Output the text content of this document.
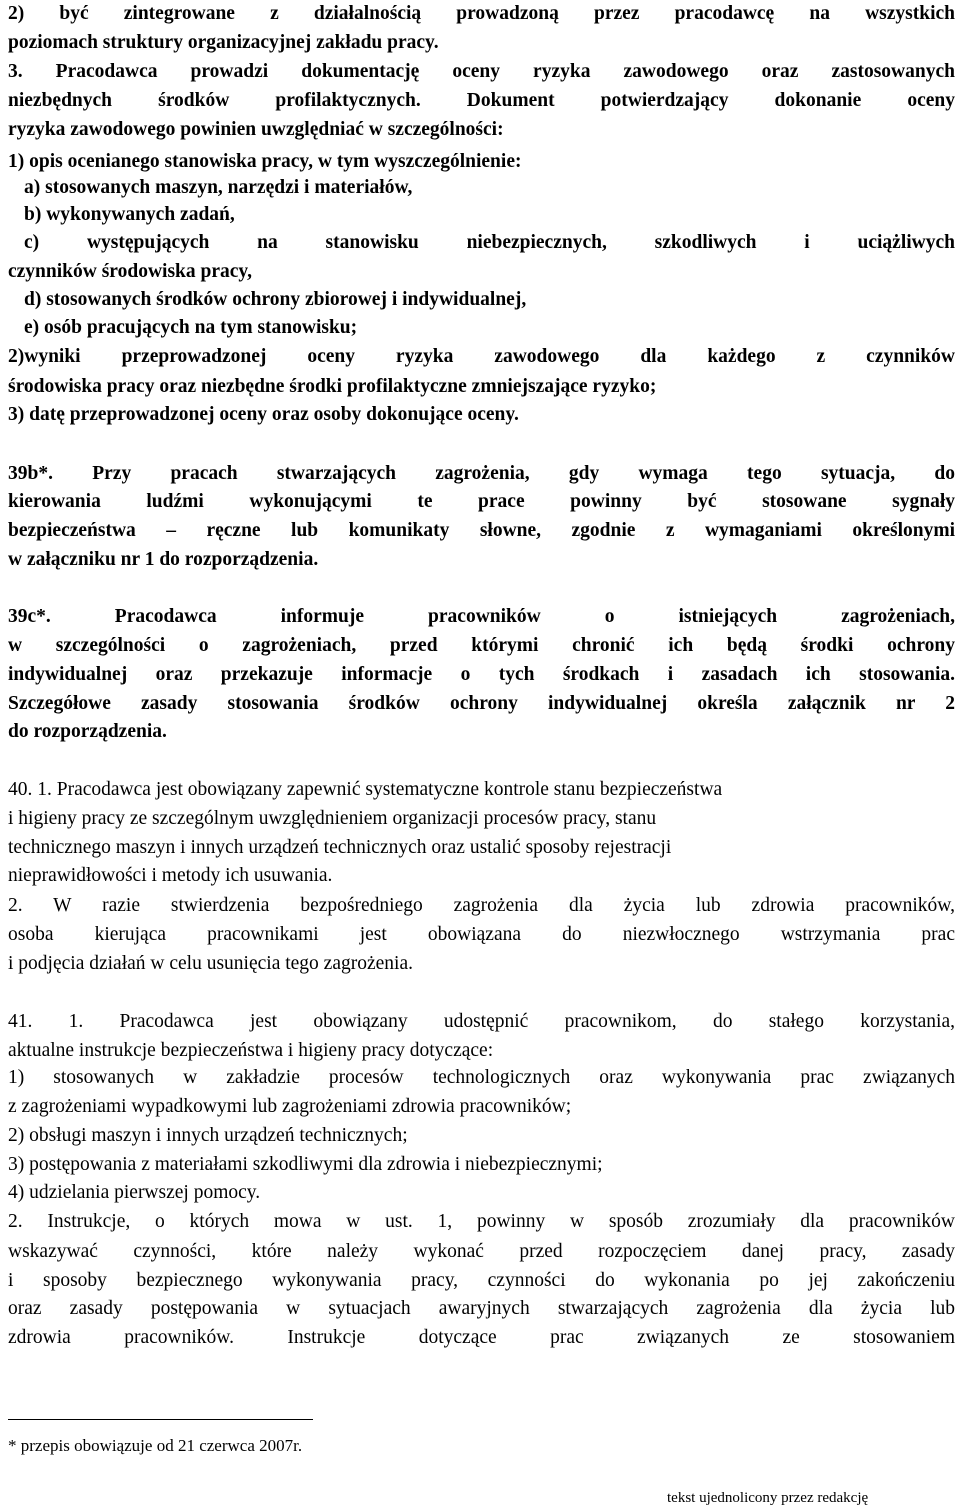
2) być zintegrowane z działalnością prowadzoną przez pracodawcę na wszystkich
poziomach struktury organizacyjnej zakładu pracy.
3. Pracodawca prowadzi dokumentację oceny ryzyka zawodowego oraz zastosowanych
niezbędnych środków profilaktycznych. Dokument potwierdzający dokonanie oceny
ryzyka zawodowego powinien uwzględniać w szczególności:
1) opis ocenianego stanowiska pracy, w tym wyszczególnienie:
a) stosowanych maszyn, narzędzi i materiałów,
b) wykonywanych zadań,
c) występujących na stanowisku niebezpiecznych, szkodliwych i uciążliwych
czynników środowiska pracy,
d) stosowanych środków ochrony zbiorowej i indywidualnej,
e) osób pracujących na tym stanowisku;
2)wyniki przeprowadzonej oceny ryzyka zawodowego dla każdego z czynników
środowiska pracy oraz niezbędne środki profilaktyczne zmniejszające ryzyko;
3) datę przeprowadzonej oceny oraz osoby dokonujące oceny.
39b*. Przy pracach stwarzających zagrożenia, gdy wymaga tego sytuacja, do
kierowania ludźmi wykonującymi te prace powinny być stosowane sygnały
bezpieczeństwa – ręczne lub komunikaty słowne, zgodnie z wymaganiami określonymi
w załączniku nr 1 do rozporządzenia.
39c*. Pracodawca informuje pracowników o istniejących zagrożeniach,
w szczególności o zagrożeniach, przed którymi chronić ich będą środki ochrony
indywidualnej oraz przekazuje informacje o tych środkach i zasadach ich stosowania.
Szczegółowe zasady stosowania środków ochrony indywidualnej określa załącznik nr 2
do rozporządzenia.
40. 1. Pracodawca jest obowiązany zapewnić systematyczne kontrole stanu bezpieczeństwa
i higieny pracy ze szczególnym uwzględnieniem organizacji procesów pracy, stanu
technicznego maszyn i innych urządzeń technicznych oraz ustalić sposoby rejestracji
nieprawidłowości i metody ich usuwania.
2. W razie stwierdzenia bezpośredniego zagrożenia dla życia lub zdrowia pracowników,
osoba kierująca pracownikami jest obowiązana do niezwłocznego wstrzymania prac
i podjęcia działań w celu usunięcia tego zagrożenia.
41. 1. Pracodawca jest obowiązany udostępnić pracownikom, do stałego korzystania,
aktualne instrukcje bezpieczeństwa i higieny pracy dotyczące:
1) stosowanych w zakładzie procesów technologicznych oraz wykonywania prac związanych
z zagrożeniami wypadkowymi lub zagrożeniami zdrowia pracowników;
2) obsługi maszyn i innych urządzeń technicznych;
3) postępowania z materiałami szkodliwymi dla zdrowia i niebezpiecznymi;
4) udzielania pierwszej pomocy.
2. Instrukcje, o których mowa w ust. 1, powinny w sposób zrozumiały dla pracowników
wskazywać czynności, które należy wykonać przed rozpoczęciem danej pracy, zasady
i sposoby bezpiecznego wykonywania pracy, czynności do wykonania po jej zakończeniu
oraz zasady postępowania w sytuacjach awaryjnych stwarzających zagrożenia dla życia lub
zdrowia pracowników. Instrukcje dotyczące prac związanych ze stosowaniem
* przepis obowiązuje od 21 czerwca 2007r.
tekst ujednolicony przez redakcję
